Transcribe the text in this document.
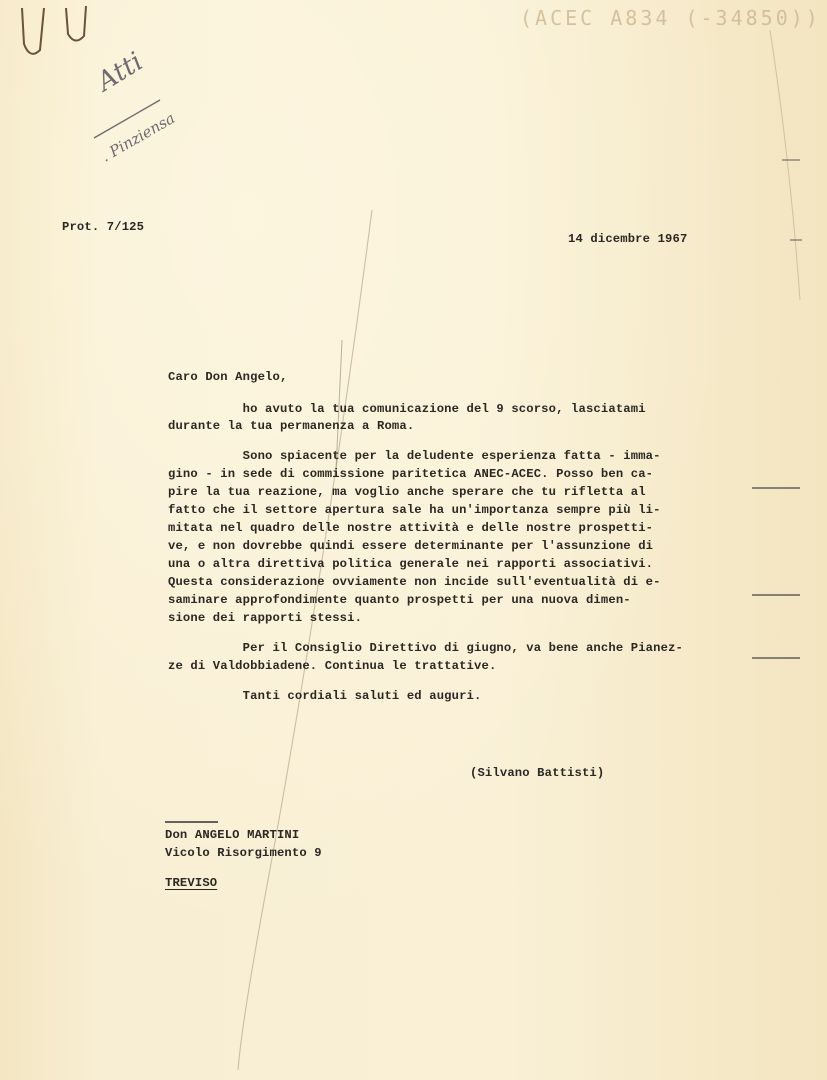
(ACEC A834 (-34850))
Atti
. Pinziensa
Prot. 7/125
14 dicembre 1967
Caro Don Angelo,
ho avuto la tua comunicazione del 9 scorso, lasciatami
durante la tua permanenza a Roma.
Sono spiacente per la deludente esperienza fatta - imma-
gino - in sede di commissione paritetica ANEC-ACEC. Posso ben ca-
pire la tua reazione, ma voglio anche sperare che tu rifletta al
fatto che il settore apertura sale ha un'importanza sempre più li-
mitata nel quadro delle nostre attività e delle nostre prospetti-
ve, e non dovrebbe quindi essere determinante per l'assunzione di
una o altra direttiva politica generale nei rapporti associativi.
Questa considerazione ovviamente non incide sull'eventualità di e-
saminare approfondimente quanto prospetti per una nuova dimen-
sione dei rapporti stessi.
Per il Consiglio Direttivo di giugno, va bene anche Pianez-
ze di Valdobbiadene. Continua le trattative.
Tanti cordiali saluti ed auguri.
(Silvano Battisti)
Don ANGELO MARTINI
Vicolo Risorgimento 9
TREVISO
